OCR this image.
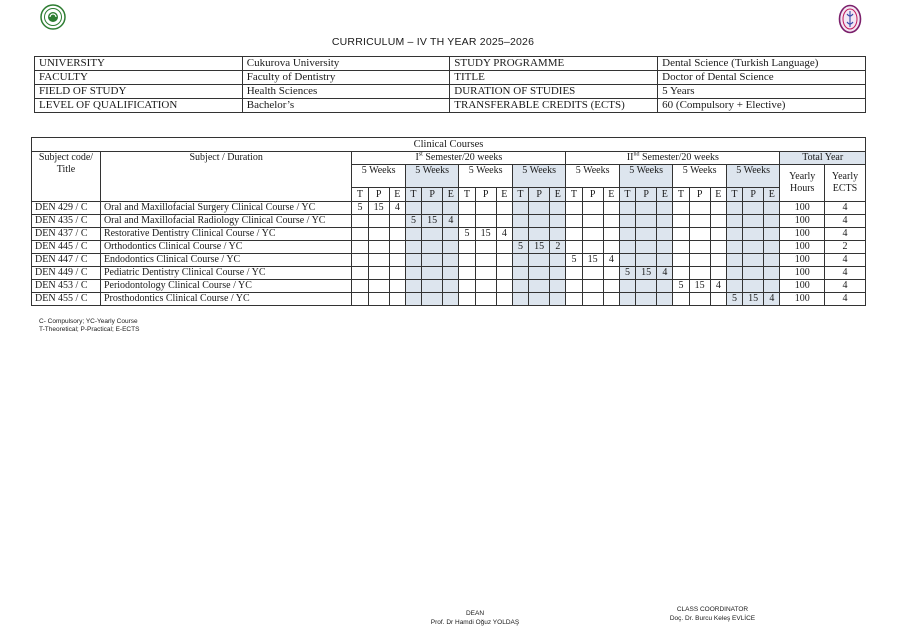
CURRICULUM – IV TH YEAR 2025–2026
UNIVERSITY	Cukurova University	STUDY PROGRAMME	Dental Science (Turkish Language)
FACULTY	Faculty of Dentistry	TITLE	Doctor of Dental Science
FIELD OF STUDY	Health Sciences	DURATION OF STUDIES	5 Years
LEVEL OF QUALIFICATION	Bachelor’s	TRANSFERABLE CREDITS (ECTS)	60 (Compulsory + Elective)
Clinical Courses																											
Subject code/ Title	Subject / Duration	Ist Semester/20 weeks												IInd Semester/20 weeks												Total Year	
		5 Weeks			5 Weeks			5 Weeks			5 Weeks			5 Weeks			5 Weeks			5 Weeks			5 Weeks			Yearly Hours	Yearly ECTS
		T	P	E	T	P	E	T	P	E	T	P	E	T	P	E	T	P	E	T	P	E	T	P	E		
DEN 429 / C	Oral and Maxillofacial Surgery Clinical Course / YC	5	15	4																						100	4
DEN 435 / C	Oral and Maxillofacial Radiology Clinical Course / YC				5	15	4																			100	4
DEN 437 / C	Restorative Dentistry Clinical Course / YC							5	15	4																100	4
DEN 445 / C	Orthodontics Clinical Course / YC										5	15	2													100	2
DEN 447 / C	Endodontics Clinical Course / YC													5	15	4										100	4
DEN 449 / C	Pediatric Dentistry Clinical Course / YC																5	15	4							100	4
DEN 453 / C	Periodontology Clinical Course / YC																			5	15	4				100	4
DEN 455 / C	Prosthodontics Clinical Course / YC																						5	15	4	100	4
C- Compulsory; YC-Yearly Course
T-Theoretical; P-Practical; E-ECTS
DEAN
Prof. Dr Hamdi Oğuz YOLDAŞ
CLASS COORDINATOR
Doç. Dr. Burcu Keleş EVLİCE
